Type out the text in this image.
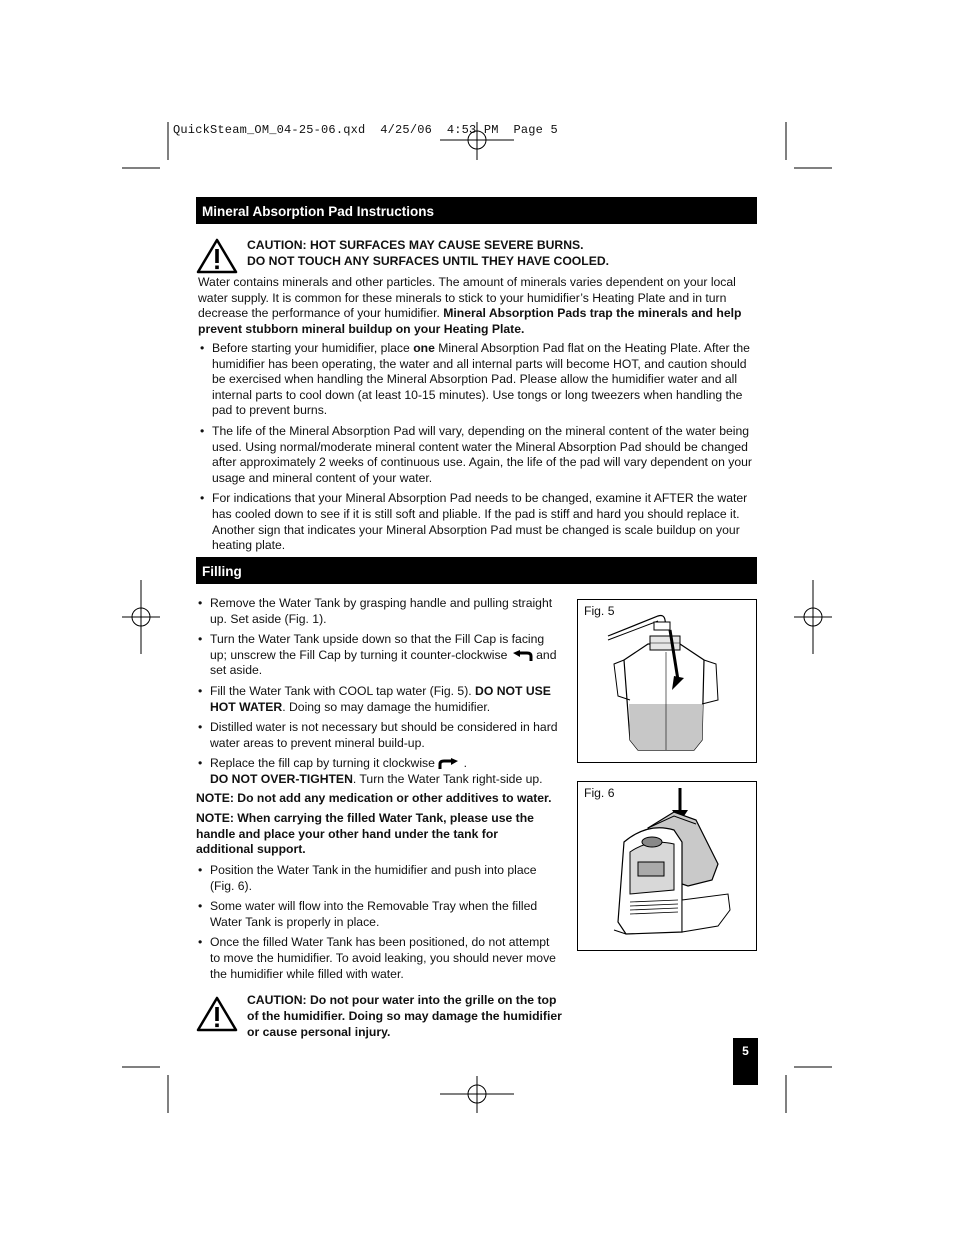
QuickSteam_OM_04-25-06.qxd  4/25/06  4:53 PM  Page 5
Mineral Absorption Pad Instructions
CAUTION: HOT SURFACES MAY CAUSE SEVERE BURNS.
DO NOT TOUCH ANY SURFACES UNTIL THEY HAVE COOLED.
Water contains minerals and other particles. The amount of minerals varies dependent on your local water supply. It is common for these minerals to stick to your humidifier’s Heating Plate and in turn decrease the performance of your humidifier. Mineral Absorption Pads trap the minerals and help prevent stubborn mineral buildup on your Heating Plate.
• Before starting your humidifier, place one Mineral Absorption Pad flat on the Heating Plate. After the humidifier has been operating, the water and all internal parts will become HOT, and caution should be exercised when handling the Mineral Absorption Pad. Please allow the humidifier water and all internal parts to cool down (at least 10-15 minutes). Use tongs or long tweezers when handling the pad to prevent burns.
• The life of the Mineral Absorption Pad will vary, depending on the mineral content of the water being used. Using normal/moderate mineral content water the Mineral Absorption Pad should be changed after approximately 2 weeks of continuous use. Again, the life of the pad will vary dependent on your usage and mineral content of your water.
• For indications that your Mineral Absorption Pad needs to be changed, examine it AFTER the water has cooled down to see if it is still soft and pliable. If the pad is stiff and hard you should replace it. Another sign that indicates your Mineral Absorption Pad must be changed is scale buildup on your heating plate.
Filling
• Remove the Water Tank by grasping handle and pulling straight up. Set aside (Fig. 1).
• Turn the Water Tank upside down so that the Fill Cap is facing up; unscrew the Fill Cap by turning it counter-clockwise  and set aside.
• Fill the Water Tank with COOL tap water (Fig. 5). DO NOT USE HOT WATER. Doing so may damage the humidifier.
• Distilled water is not necessary but should be considered in hard water areas to prevent mineral build-up.
• Replace the fill cap by turning it clockwise  .
DO NOT OVER-TIGHTEN. Turn the Water Tank right-side up.
NOTE: Do not add any medication or other additives to water.
NOTE: When carrying the filled Water Tank, please use the handle and place your other hand under the tank for additional support.
• Position the Water Tank in the humidifier and push into place (Fig. 6).
• Some water will flow into the Removable Tray when the filled Water Tank is properly in place.
• Once the filled Water Tank has been positioned, do not attempt to move the humidifier. To avoid leaking, you should never move the humidifier while filled with water.
CAUTION: Do not pour water into the grille on the top of the humidifier. Doing so may damage the humidifier or cause personal injury.
Fig. 5
Fig. 6
5
